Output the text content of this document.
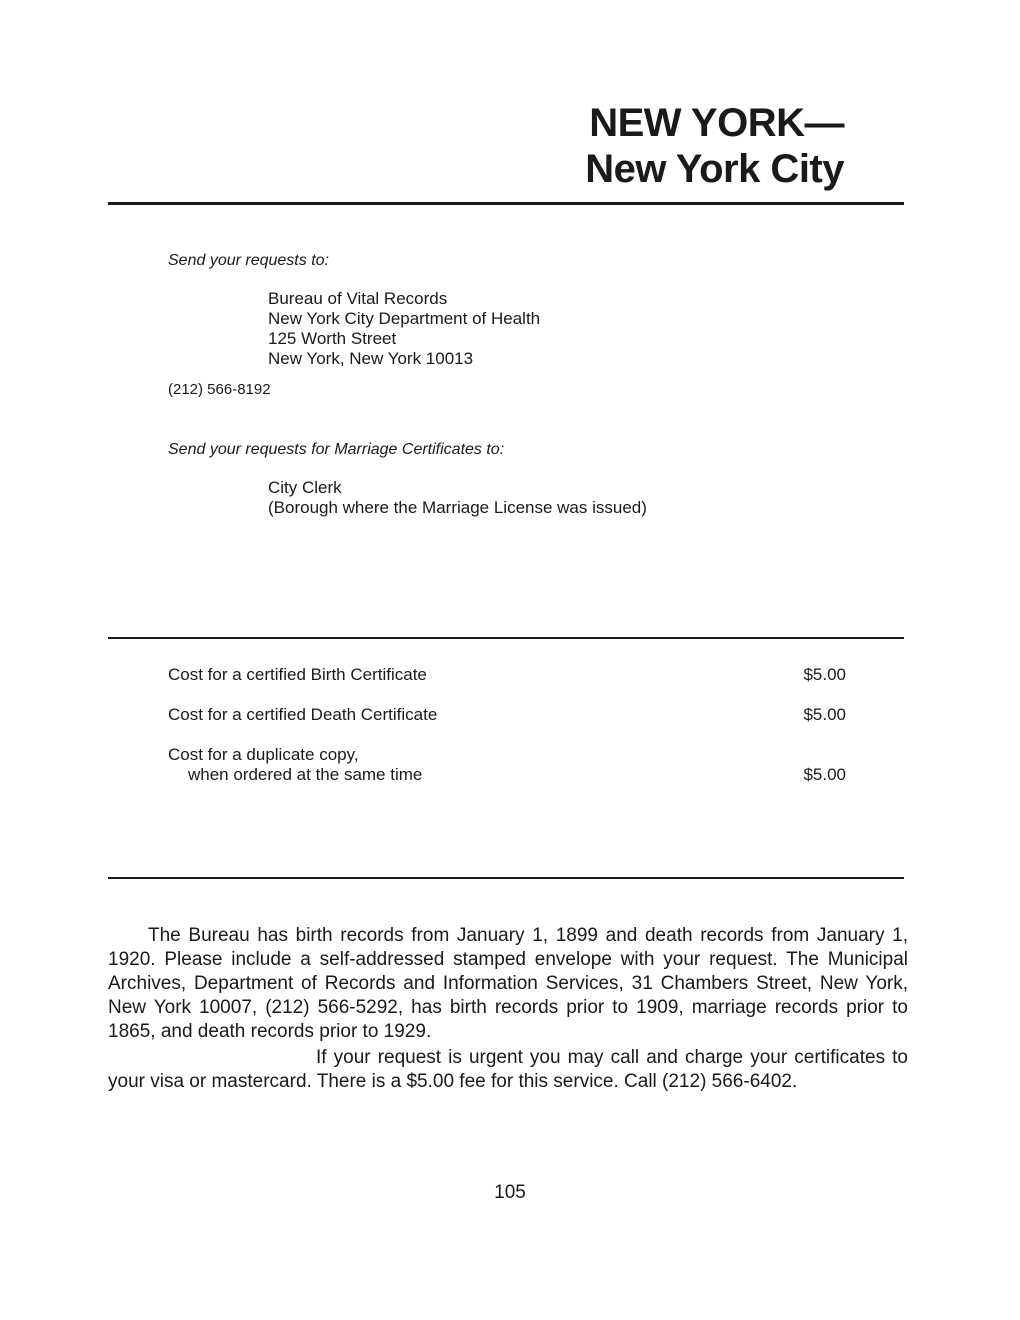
NEW YORK—
New York City
Send your requests to:
Bureau of Vital Records
New York City Department of Health
125 Worth Street
New York, New York 10013
(212) 566-8192
Send your requests for Marriage Certificates to:
City Clerk
(Borough where the Marriage License was issued)
Cost for a certified Birth Certificate	$5.00
Cost for a certified Death Certificate	$5.00
Cost for a duplicate copy,
when ordered at the same time	$5.00

The Bureau has birth records from January 1, 1899 and death records from January 1, 1920. Please include a self-addressed stamped envelope with your request. The Municipal Archives, Department of Records and Information Services, 31 Chambers Street, New York, New York 10007, (212) 566-5292, has birth records prior to 1909, marriage records prior to 1865, and death records prior to 1929.

If your request is urgent you may call and charge your certificates to your visa or mastercard. There is a $5.00 fee for this service. Call (212) 566-6402.

105
